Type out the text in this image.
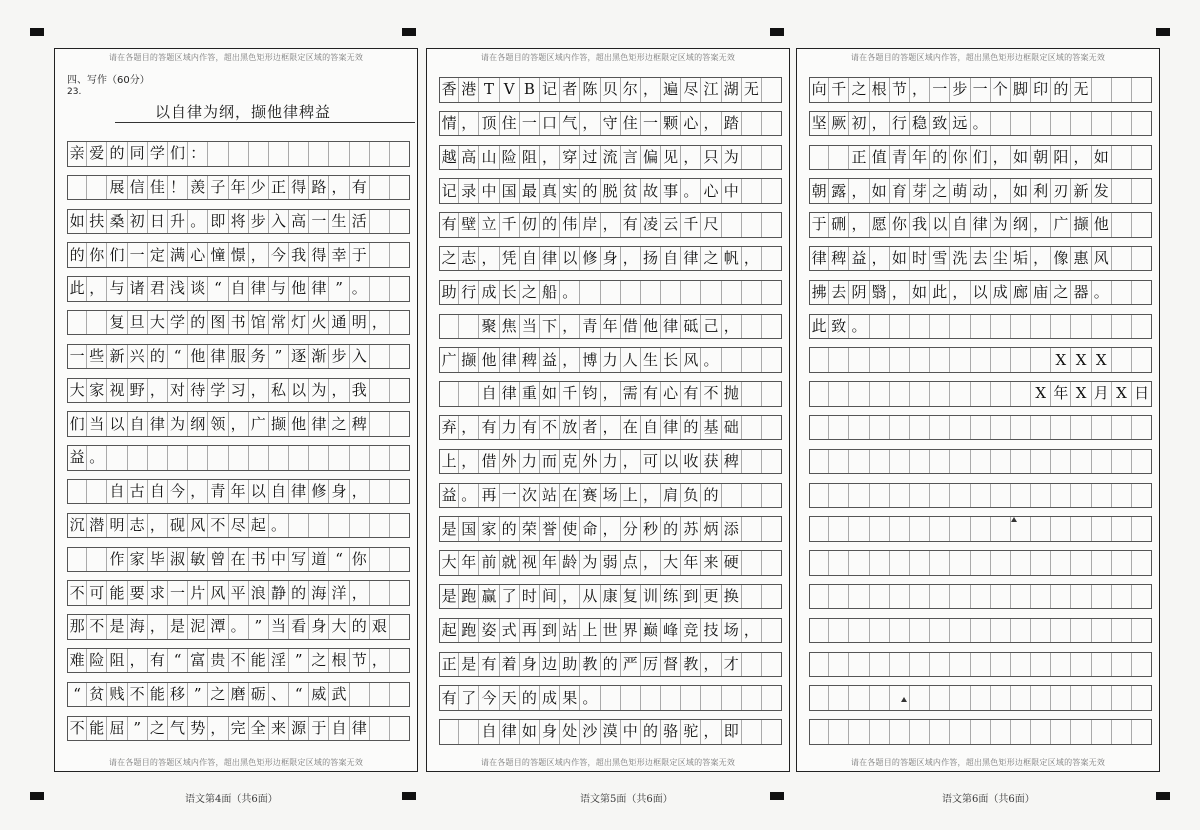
请在各题目的答题区域内作答，超出黑色矩形边框限定区域的答案无效
四、写作（60分）
23.
以自律为纲，撷他律稗益
亲 爱 的 同 学 们 ：
展 信 佳 ！ 羡 子 年 少 正 得 路 ， 有
如 扶 桑 初 日 升 。 即 将 步 入 高 一 生 活
的 你 们 一 定 满 心 憧 憬 ， 今 我 得 幸 于
此 ， 与 诸 君 浅 谈 “ 自 律 与 他 律 ” 。
复 旦 大 学 的 图 书 馆 常 灯 火 通 明 ，
一 些 新 兴 的 “ 他 律 服 务 ” 逐 渐 步 入
大 家 视 野 ， 对 待 学 习 ， 私 以 为 ， 我
们 当 以 自 律 为 纲 领 ， 广 撷 他 律 之 稗
益 。
自 古 自 今 ， 青 年 以 自 律 修 身 ，
沉 潜 明 志 ， 砚 风 不 尽 起 。
作 家 毕 淑 敏 曾 在 书 中 写 道 “ 你
不 可 能 要 求 一 片 风 平 浪 静 的 海 洋 ，
那 不 是 海 ， 是 泥 潭 。 ” 当 看 身 大 的 艰
难 险 阻 ， 有 “ 富 贵 不 能 淫 ” 之 根 节 ，
“ 贫 贱 不 能 移 ” 之 磨 砺 、 “ 威 武
不 能 屈 ” 之 气 势 ， 完 全 来 源 于 自 律
请在各题目的答题区域内作答，超出黑色矩形边框限定区域的答案无效
请在各题目的答题区域内作答，超出黑色矩形边框限定区域的答案无效
香 港 T V B 记 者 陈 贝 尔 ， 遍 尽 江 湖 无
情 ， 顶 住 一 口 气 ， 守 住 一 颗 心 ， 踏
越 高 山 险 阻 ， 穿 过 流 言 偏 见 ， 只 为
记 录 中 国 最 真 实 的 脱 贫 故 事 。 心 中
有 壁 立 千 仞 的 伟 岸 ， 有 凌 云 千 尺
之 志 ， 凭 自 律 以 修 身 ， 扬 自 律 之 帆 ，
助 行 成 长 之 船 。
聚 焦 当 下 ， 青 年 借 他 律 砥 己 ，
广 撷 他 律 稗 益 ， 博 力 人 生 长 风 。
自 律 重 如 千 钧 ， 需 有 心 有 不 抛
弃 ， 有 力 有 不 放 者 ， 在 自 律 的 基 础
上 ， 借 外 力 而 克 外 力 ， 可 以 收 获 稗
益 。 再 一 次 站 在 赛 场 上 ， 肩 负 的
是 国 家 的 荣 誉 使 命 ， 分 秒 的 苏 炳 添
大 年 前 就 视 年 龄 为 弱 点 ， 大 年 来 硬
是 跑 赢 了 时 间 ， 从 康 复 训 练 到 更 换
起 跑 姿 式 再 到 站 上 世 界 巅 峰 竞 技 场 ，
正 是 有 着 身 边 助 教 的 严 厉 督 教 ， 才
有 了 今 天 的 成 果 。
自 律 如 身 处 沙 漠 中 的 骆 驼 ， 即
请在各题目的答题区域内作答，超出黑色矩形边框限定区域的答案无效
请在各题目的答题区域内作答，超出黑色矩形边框限定区域的答案无效
向 千 之 根 节 ， 一 步 一 个 脚 印 的 无
坚 厥 初 ， 行 稳 致 远 。
正 值 青 年 的 你 们 ， 如 朝 阳 ， 如
朝 露 ， 如 育 芽 之 萌 动 ， 如 利 刃 新 发
于 硎 ， 愿 你 我 以 自 律 为 纲 ， 广 撷 他
律 稗 益 ， 如 时 雪 洗 去 尘 垢 ， 像 惠 风
拂 去 阴 翳 ， 如 此 ， 以 成 廊 庙 之 器 。
此 致 。
X X X
X 年 X 月 X 日
请在各题目的答题区域内作答，超出黑色矩形边框限定区域的答案无效
语文第4面（共6面）	语文第5面（共6面）	语文第6面（共6面）
